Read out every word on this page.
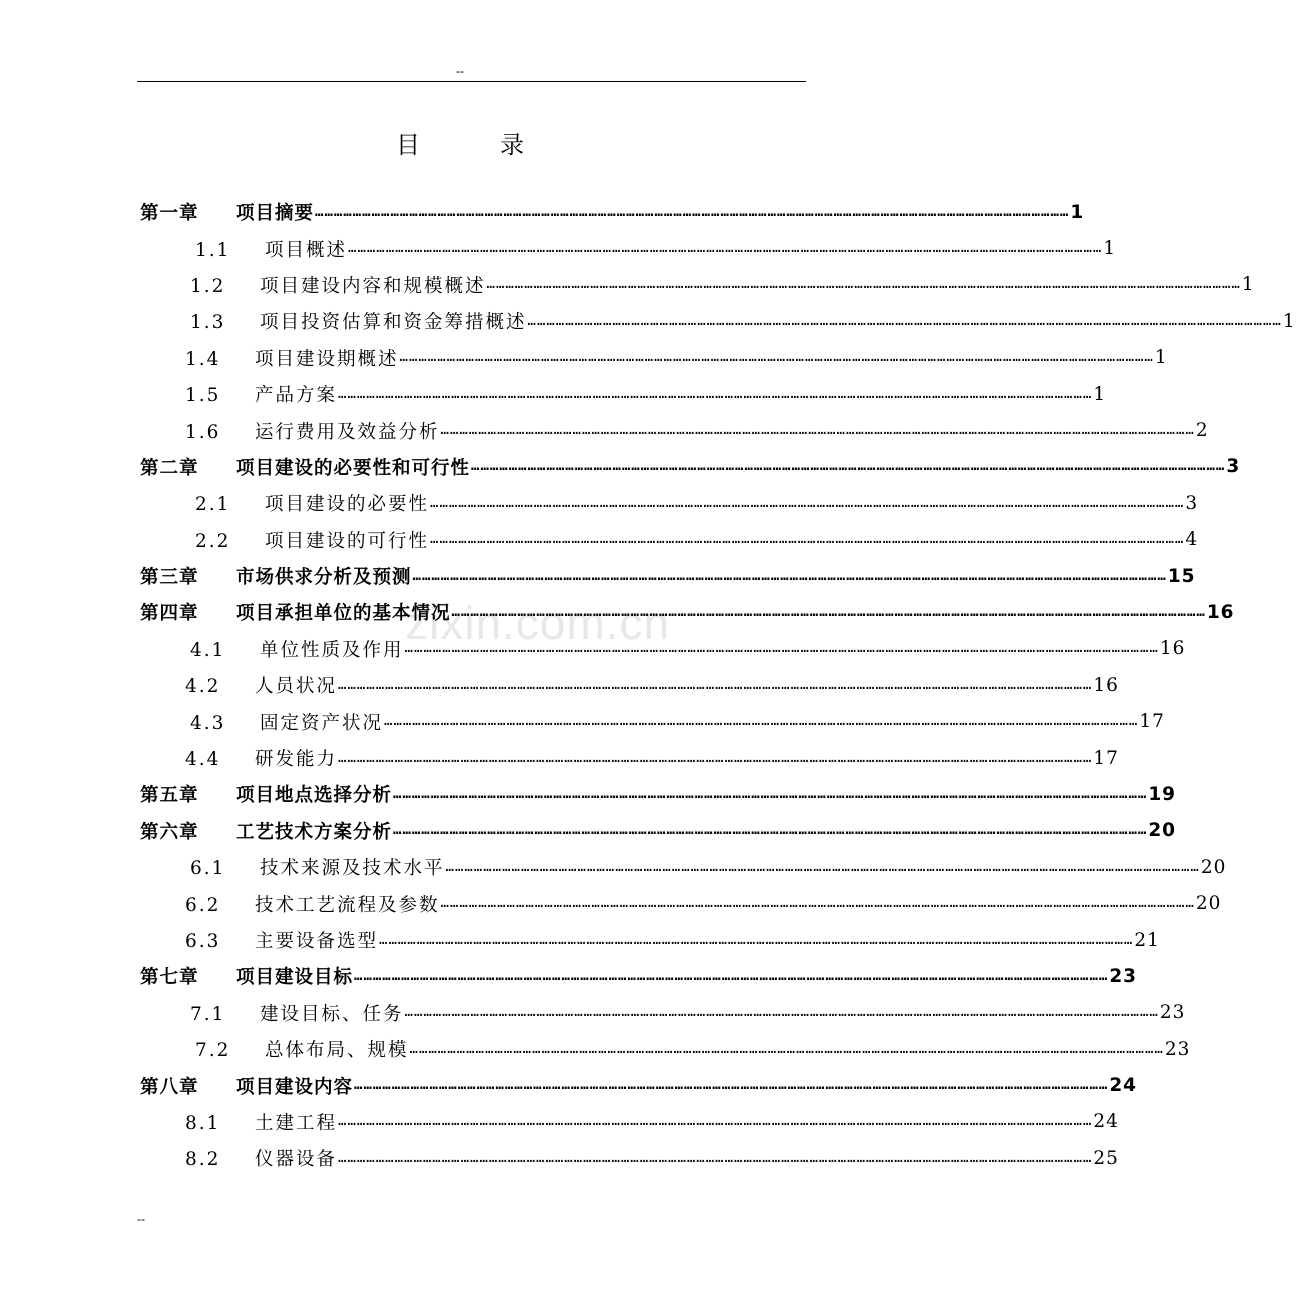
--
目	录
zixin.com.cn
第一章 项目摘要 …………………………………………………………………………………………………………………………………………………………………………………………………………………… 1
1.1 项目概述 …………………………………………………………………………………………………………………………………………………………………………………………………………………… 1
1.2 项目建设内容和规模概述 …………………………………………………………………………………………………………………………………………………………………………………………………………………… 1
1.3 项目投资估算和资金筹措概述 …………………………………………………………………………………………………………………………………………………………………………………………………………………… 1
1.4 项目建设期概述 …………………………………………………………………………………………………………………………………………………………………………………………………………………… 1
1.5 产品方案 …………………………………………………………………………………………………………………………………………………………………………………………………………………… 1
1.6 运行费用及效益分析 …………………………………………………………………………………………………………………………………………………………………………………………………………………… 2
第二章 项目建设的必要性和可行性 …………………………………………………………………………………………………………………………………………………………………………………………………………………… 3
2.1 项目建设的必要性 …………………………………………………………………………………………………………………………………………………………………………………………………………………… 3
2.2 项目建设的可行性 …………………………………………………………………………………………………………………………………………………………………………………………………………………… 4
第三章 市场供求分析及预测 …………………………………………………………………………………………………………………………………………………………………………………………………………………… 15
第四章 项目承担单位的基本情况 …………………………………………………………………………………………………………………………………………………………………………………………………………………… 16
4.1 单位性质及作用 …………………………………………………………………………………………………………………………………………………………………………………………………………………… 16
4.2 人员状况 …………………………………………………………………………………………………………………………………………………………………………………………………………………… 16
4.3 固定资产状况 …………………………………………………………………………………………………………………………………………………………………………………………………………………… 17
4.4 研发能力 …………………………………………………………………………………………………………………………………………………………………………………………………………………… 17
第五章 项目地点选择分析 …………………………………………………………………………………………………………………………………………………………………………………………………………………… 19
第六章 工艺技术方案分析 …………………………………………………………………………………………………………………………………………………………………………………………………………………… 20
6.1 技术来源及技术水平 …………………………………………………………………………………………………………………………………………………………………………………………………………………… 20
6.2 技术工艺流程及参数 …………………………………………………………………………………………………………………………………………………………………………………………………………………… 20
6.3 主要设备选型 …………………………………………………………………………………………………………………………………………………………………………………………………………………… 21
第七章 项目建设目标 …………………………………………………………………………………………………………………………………………………………………………………………………………………… 23
7.1 建设目标、任务 …………………………………………………………………………………………………………………………………………………………………………………………………………………… 23
7.2 总体布局、规模 …………………………………………………………………………………………………………………………………………………………………………………………………………………… 23
第八章 项目建设内容 …………………………………………………………………………………………………………………………………………………………………………………………………………………… 24
8.1 土建工程 …………………………………………………………………………………………………………………………………………………………………………………………………………………… 24
8.2 仪器设备 …………………………………………………………………………………………………………………………………………………………………………………………………………………… 25
--
